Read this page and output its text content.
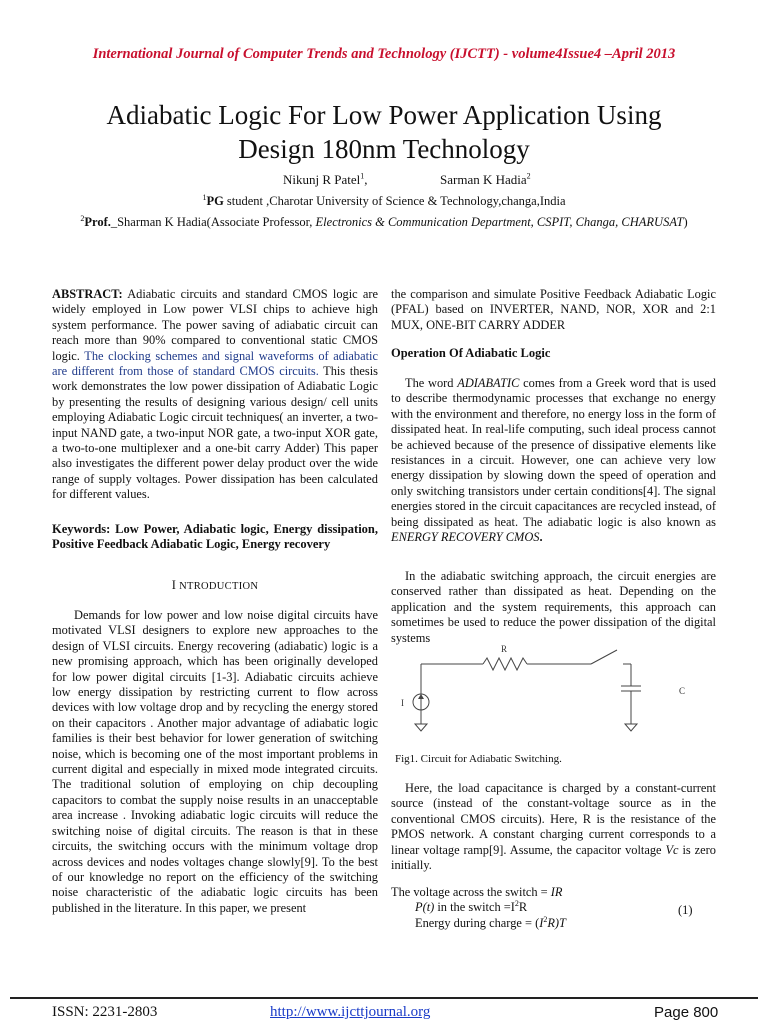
International Journal of Computer Trends and Technology (IJCTT) - volume4Issue4 –April 2013
Adiabatic Logic For Low Power Application Using
Design 180nm Technology
Nikunj R Patel$^1$,	Sarman K Hadia$^2$
$^1$PG student ,Charotar University of Science & Technology,changa,India
$^2$Prof._Sharman K Hadia(Associate Professor, Electronics & Communication Department, CSPIT, Changa, CHARUSAT)

ABSTRACT: Adiabatic circuits and standard CMOS logic are widely employed in Low power VLSI chips to achieve high system performance. The power saving of adiabatic circuit can reach more than 90% compared to conventional static CMOS logic. The clocking schemes and signal waveforms of adiabatic are different from those of standard CMOS circuits. This thesis work demonstrates the low power dissipation of Adiabatic Logic by presenting the results of designing various design/ cell units employing Adiabatic Logic circuit techniques( an inverter, a two-input NAND gate, a two-input NOR gate, a two-input XOR gate, a two-to-one multiplexer and a one-bit carry Adder) This paper also investigates the different power delay product over the wide range of supply voltages. Power dissipation has been calculated for different values.

Keywords: Low Power, Adiabatic logic, Energy dissipation, Positive Feedback Adiabatic Logic, Energy recovery
I NTRODUCTION
Demands for low power and low noise digital circuits have motivated VLSI designers to explore new approaches to the design of VLSI circuits. Energy recovering (adiabatic) logic is a new promising approach, which has been originally developed for low power digital circuits [1-3]. Adiabatic circuits achieve low energy dissipation by restricting current to flow across devices with low voltage drop and by recycling the energy stored on their capacitors . Another major advantage of adiabatic logic families is their best behavior for lower generation of switching noise, which is becoming one of the most important problems in current digital and especially in mixed mode integrated circuits. The traditional solution of employing on chip decoupling capacitors to combat the supply noise results in an unacceptable area increase . Invoking adiabatic logic circuits will reduce the switching noise of digital circuits. The reason is that in these circuits, the switching occurs with the minimum voltage drop across devices and nodes voltages change slowly[9]. To the best of our knowledge no report on the efficiency of the switching noise characteristic of the adiabatic logic circuits has been published in the literature. In this paper, we present
the comparison and simulate Positive Feedback Adiabatic Logic (PFAL) based on INVERTER, NAND, NOR, XOR and 2:1 MUX, ONE-BIT CARRY ADDER
Operation Of Adiabatic Logic
The word ADIABATIC comes from a Greek word that is used to describe thermodynamic processes that exchange no energy with the environment and therefore, no energy loss in the form of dissipated heat. In real-life computing, such ideal process cannot be achieved because of the presence of dissipative elements like resistances in a circuit. However, one can achieve very low energy dissipation by slowing down the speed of operation and only switching transistors under certain conditions[4]. The signal energies stored in the circuit capacitances are recycled instead, of being dissipated as heat. The adiabatic logic is also known as ENERGY RECOVERY CMOS.
In the adiabatic switching approach, the circuit energies are conserved rather than dissipated as heat. Depending on the application and the system requirements, this approach can sometimes be used to reduce the power dissipation of the digital systems
R
I
C
Fig1. Circuit for Adiabatic Switching.
Here, the load capacitance is charged by a constant-current source (instead of the constant-voltage source as in the conventional CMOS circuits). Here, R is the resistance of the PMOS network. A constant charging current corresponds to a linear voltage ramp[9]. Assume, the capacitor voltage Vc is zero initially.
The voltage across the switch = IR
P(t) in the switch $=I^2R$
Energy during charge = $(I^2R)T$
(1)
ISSN: 2231-2803	http://www.ijcttjournal.org	Page 800
